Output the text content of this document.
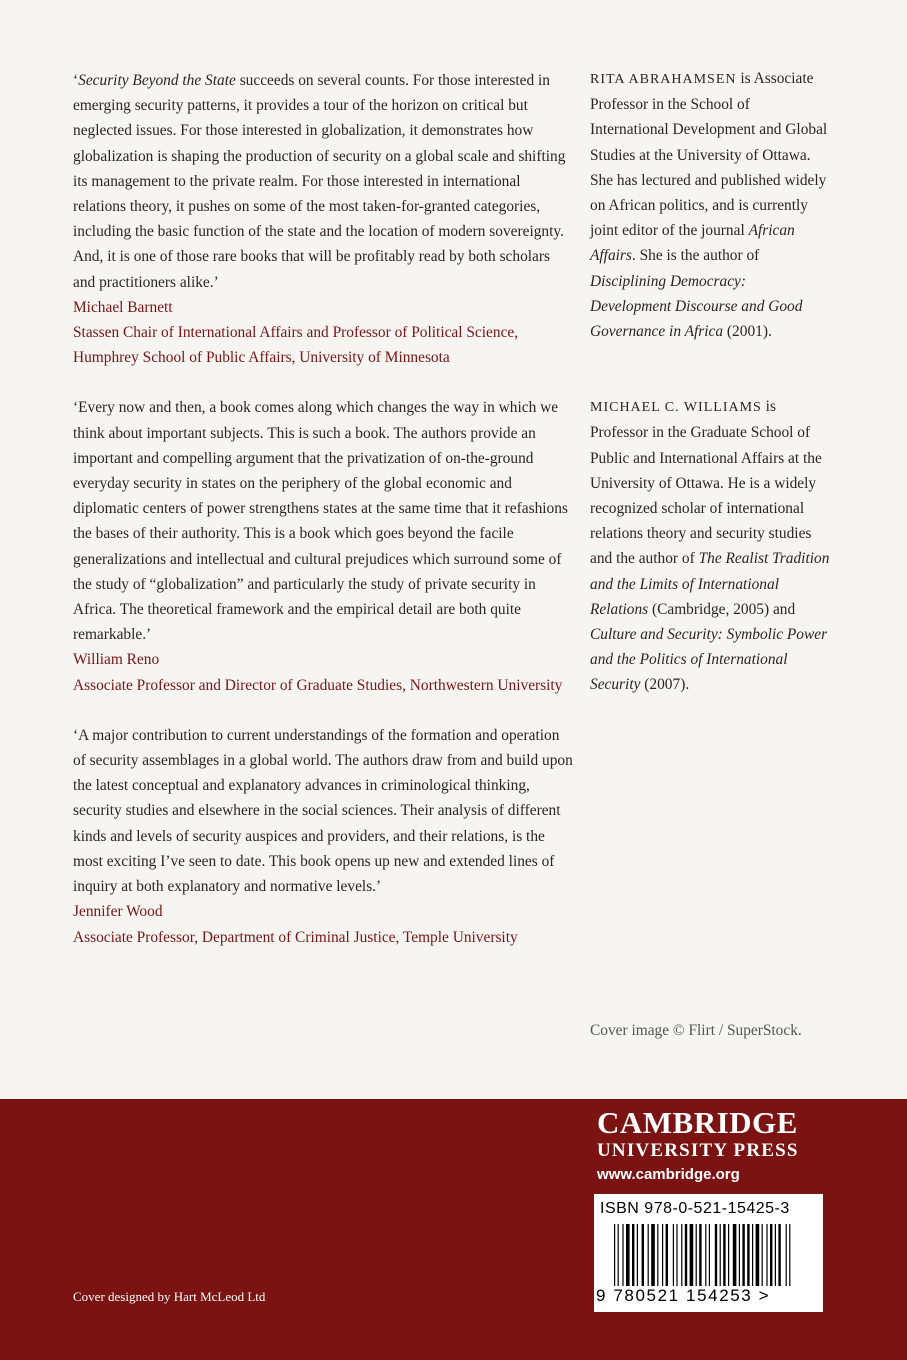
‘Security Beyond the State succeeds on several counts. For those interested in emerging security patterns, it provides a tour of the horizon on critical but neglected issues. For those interested in globalization, it demonstrates how globalization is shaping the production of security on a global scale and shifting its management to the private realm. For those interested in international relations theory, it pushes on some of the most taken-for-granted categories, including the basic function of the state and the location of modern sovereignty. And, it is one of those rare books that will be profitably read by both scholars and practitioners alike.’

Michael Barnett
Stassen Chair of International Affairs and Professor of Political Science, Humphrey School of Public Affairs, University of Minnesota

‘Every now and then, a book comes along which changes the way in which we think about important subjects. This is such a book. The authors provide an important and compelling argument that the privatization of on-the-ground everyday security in states on the periphery of the global economic and diplomatic centers of power strengthens states at the same time that it refashions the bases of their authority. This is a book which goes beyond the facile generalizations and intellectual and cultural prejudices which surround some of the study of “globalization” and particularly the study of private security in Africa. The theoretical framework and the empirical detail are both quite remarkable.’

William Reno
Associate Professor and Director of Graduate Studies, Northwestern University

‘A major contribution to current understandings of the formation and operation of security assemblages in a global world. The authors draw from and build upon the latest conceptual and explanatory advances in criminological thinking, security studies and elsewhere in the social sciences. Their analysis of different kinds and levels of security auspices and providers, and their relations, is the most exciting I’ve seen to date. This book opens up new and extended lines of inquiry at both explanatory and normative levels.’

Jennifer Wood
Associate Professor, Department of Criminal Justice, Temple University
RITA ABRAHAMSEN is Associate Professor in the School of International Development and Global Studies at the University of Ottawa. She has lectured and published widely on African politics, and is currently joint editor of the journal African Affairs. She is the author of Disciplining Democracy: Development Discourse and Good Governance in Africa (2001).
MICHAEL C. WILLIAMS is Professor in the Graduate School of Public and International Affairs at the University of Ottawa. He is a widely recognized scholar of international relations theory and security studies and the author of The Realist Tradition and the Limits of International Relations (Cambridge, 2005) and Culture and Security: Symbolic Power and the Politics of International Security (2007).
Cover image © Flirt / SuperStock.
CAMBRIDGE
UNIVERSITY PRESS
www.cambridge.org
ISBN 978-0-521-15425-3
9 780521 154253 >
Cover designed by Hart McLeod Ltd
